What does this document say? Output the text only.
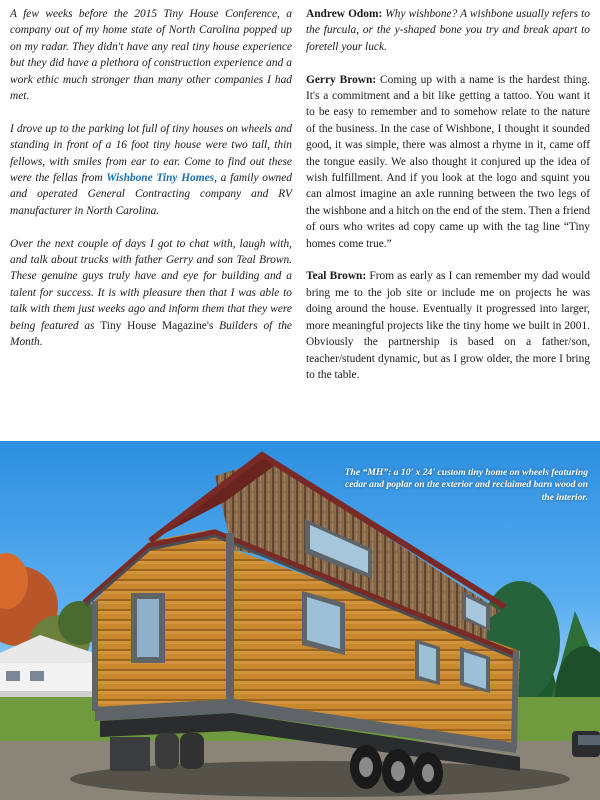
A few weeks before the 2015 Tiny House Conference, a company out of my home state of North Carolina popped up on my radar. They didn't have any real tiny house experience but they did have a plethora of construction experience and a work ethic much stronger than many other companies I had met.

I drove up to the parking lot full of tiny houses on wheels and standing in front of a 16 foot tiny house were two tall, thin fellows, with smiles from ear to ear. Come to find out these were the fellas from Wishbone Tiny Homes, a family owned and operated General Contracting company and RV manufacturer in North Carolina.

Over the next couple of days I got to chat with, laugh with, and talk about trucks with father Gerry and son Teal Brown. These genuine guys truly have and eye for building and a talent for success. It is with pleasure then that I was able to talk with them just weeks ago and inform them that they were being featured as Tiny House Magazine's Builders of the Month.

Andrew Odom: Why wishbone? A wishbone usually refers to the furcula, or the y-shaped bone you try and break apart to foretell your luck.

Gerry Brown: Coming up with a name is the hardest thing. It's a commitment and a bit like getting a tattoo. You want it to be easy to remember and to somehow relate to the nature of the business. In the case of Wishbone, I thought it sounded good, it was simple, there was almost a rhyme in it, came off the tongue easily. We also thought it conjured up the idea of wish fulfillment. And if you look at the logo and squint you can almost imagine an axle running between the two legs of the wishbone and a hitch on the end of the stem. Then a friend of ours who writes ad copy came up with the tag line “Tiny homes come true.”

Teal Brown: From as early as I can remember my dad would bring me to the job site or include me on projects he was doing around the house. Eventually it progressed into larger, more meaningful projects like the tiny home we built in 2001. Obviously the partnership is based on a father/son, teacher/student dynamic, but as I grow older, the more I bring to the table.

The “MH”: a 10' x 24' custom tiny home on wheels featuring cedar and poplar on the exterior and reclaimed barn wood on the interior.
